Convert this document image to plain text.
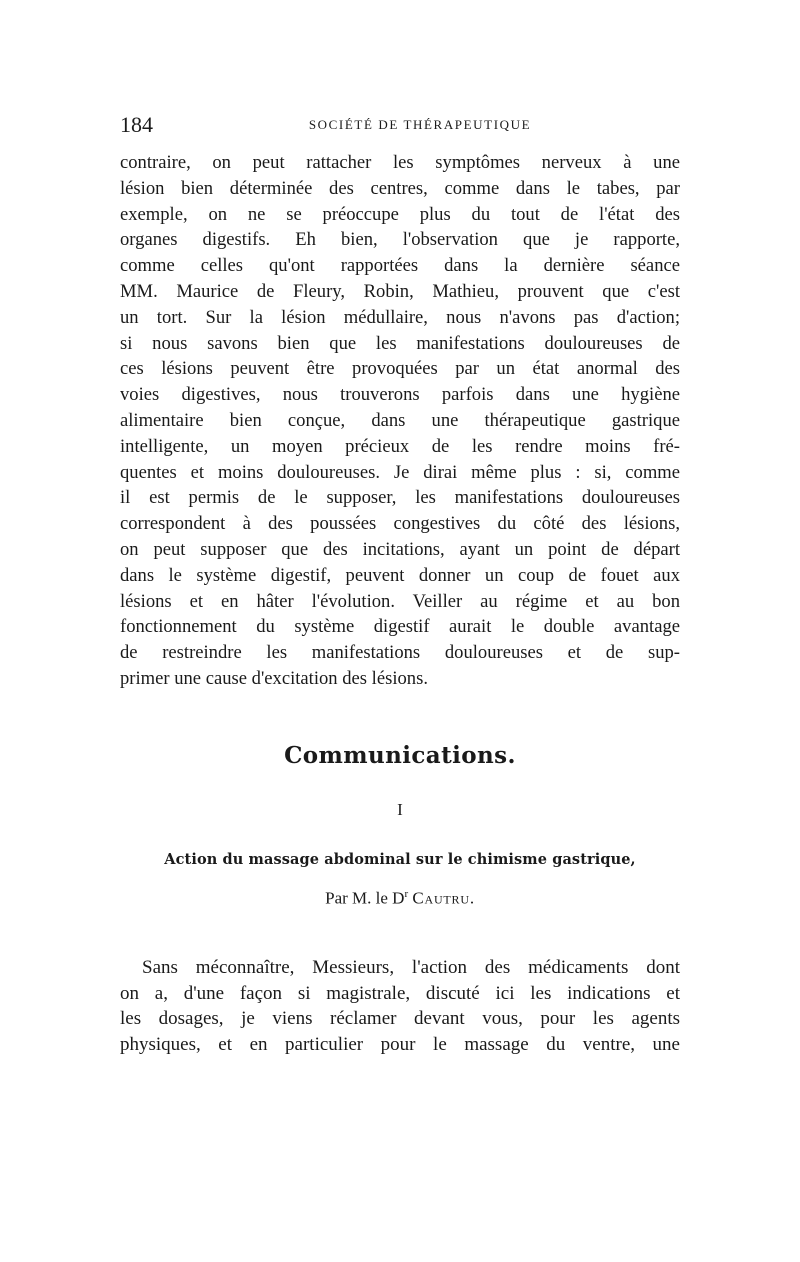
184	SOCIÉTÉ DE THÉRAPEUTIQUE

contraire, on peut rattacher les symptômes nerveux à une
lésion bien déterminée des centres, comme dans le tabes, par
exemple, on ne se préoccupe plus du tout de l'état des
organes digestifs. Eh bien, l'observation que je rapporte,
comme celles qu'ont rapportées dans la dernière séance
MM. Maurice de Fleury, Robin, Mathieu, prouvent que c'est
un tort. Sur la lésion médullaire, nous n'avons pas d'action;
si nous savons bien que les manifestations douloureuses de
ces lésions peuvent être provoquées par un état anormal des
voies digestives, nous trouverons parfois dans une hygiène
alimentaire bien conçue, dans une thérapeutique gastrique
intelligente, un moyen précieux de les rendre moins fré-
quentes et moins douloureuses. Je dirai même plus : si, comme
il est permis de le supposer, les manifestations douloureuses
correspondent à des poussées congestives du côté des lésions,
on peut supposer que des incitations, ayant un point de départ
dans le système digestif, peuvent donner un coup de fouet aux
lésions et en hâter l'évolution. Veiller au régime et au bon
fonctionnement du système digestif aurait le double avantage
de restreindre les manifestations douloureuses et de sup-
primer une cause d'excitation des lésions.

Communications.
I
Action du massage abdominal sur le chimisme gastrique,
Par M. le $D^r$ Cautru.

Sans méconnaître, Messieurs, l'action des médicaments dont
on a, d'une façon si magistrale, discuté ici les indications et
les dosages, je viens réclamer devant vous, pour les agents
physiques, et en particulier pour le massage du ventre, une
